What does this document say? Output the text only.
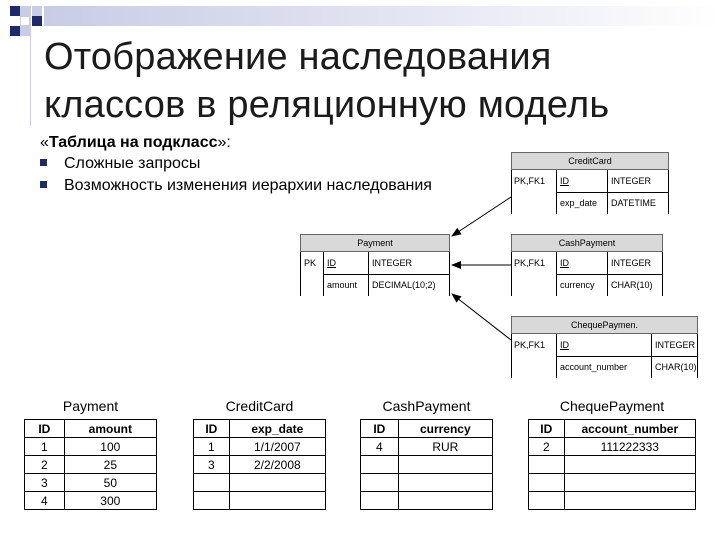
Отображение наследования
классов в реляционную модель
«Таблица на подкласс»:
Сложные запросы
Возможность изменения иерархии наследования
CreditCard
PK,FK1 ID	INTEGER
exp_date DATETIME
Payment
PK ID	INTEGER
amount DECIMAL(10;2)
CashPayment
PK,FK1 ID	INTEGER
currency CHAR(10)
ChequePaymen.
PK,FK1 ID	INTEGER
account_number	CHAR(10)
Payment
ID	amount
1	100
2	25
3	50
4	300
CreditCard
ID	exp_date
1	1/1/2007
3	2/2/2008

CashPayment
ID	currency
4	RUR

ChequePayment
ID	account_number
2	111222333
